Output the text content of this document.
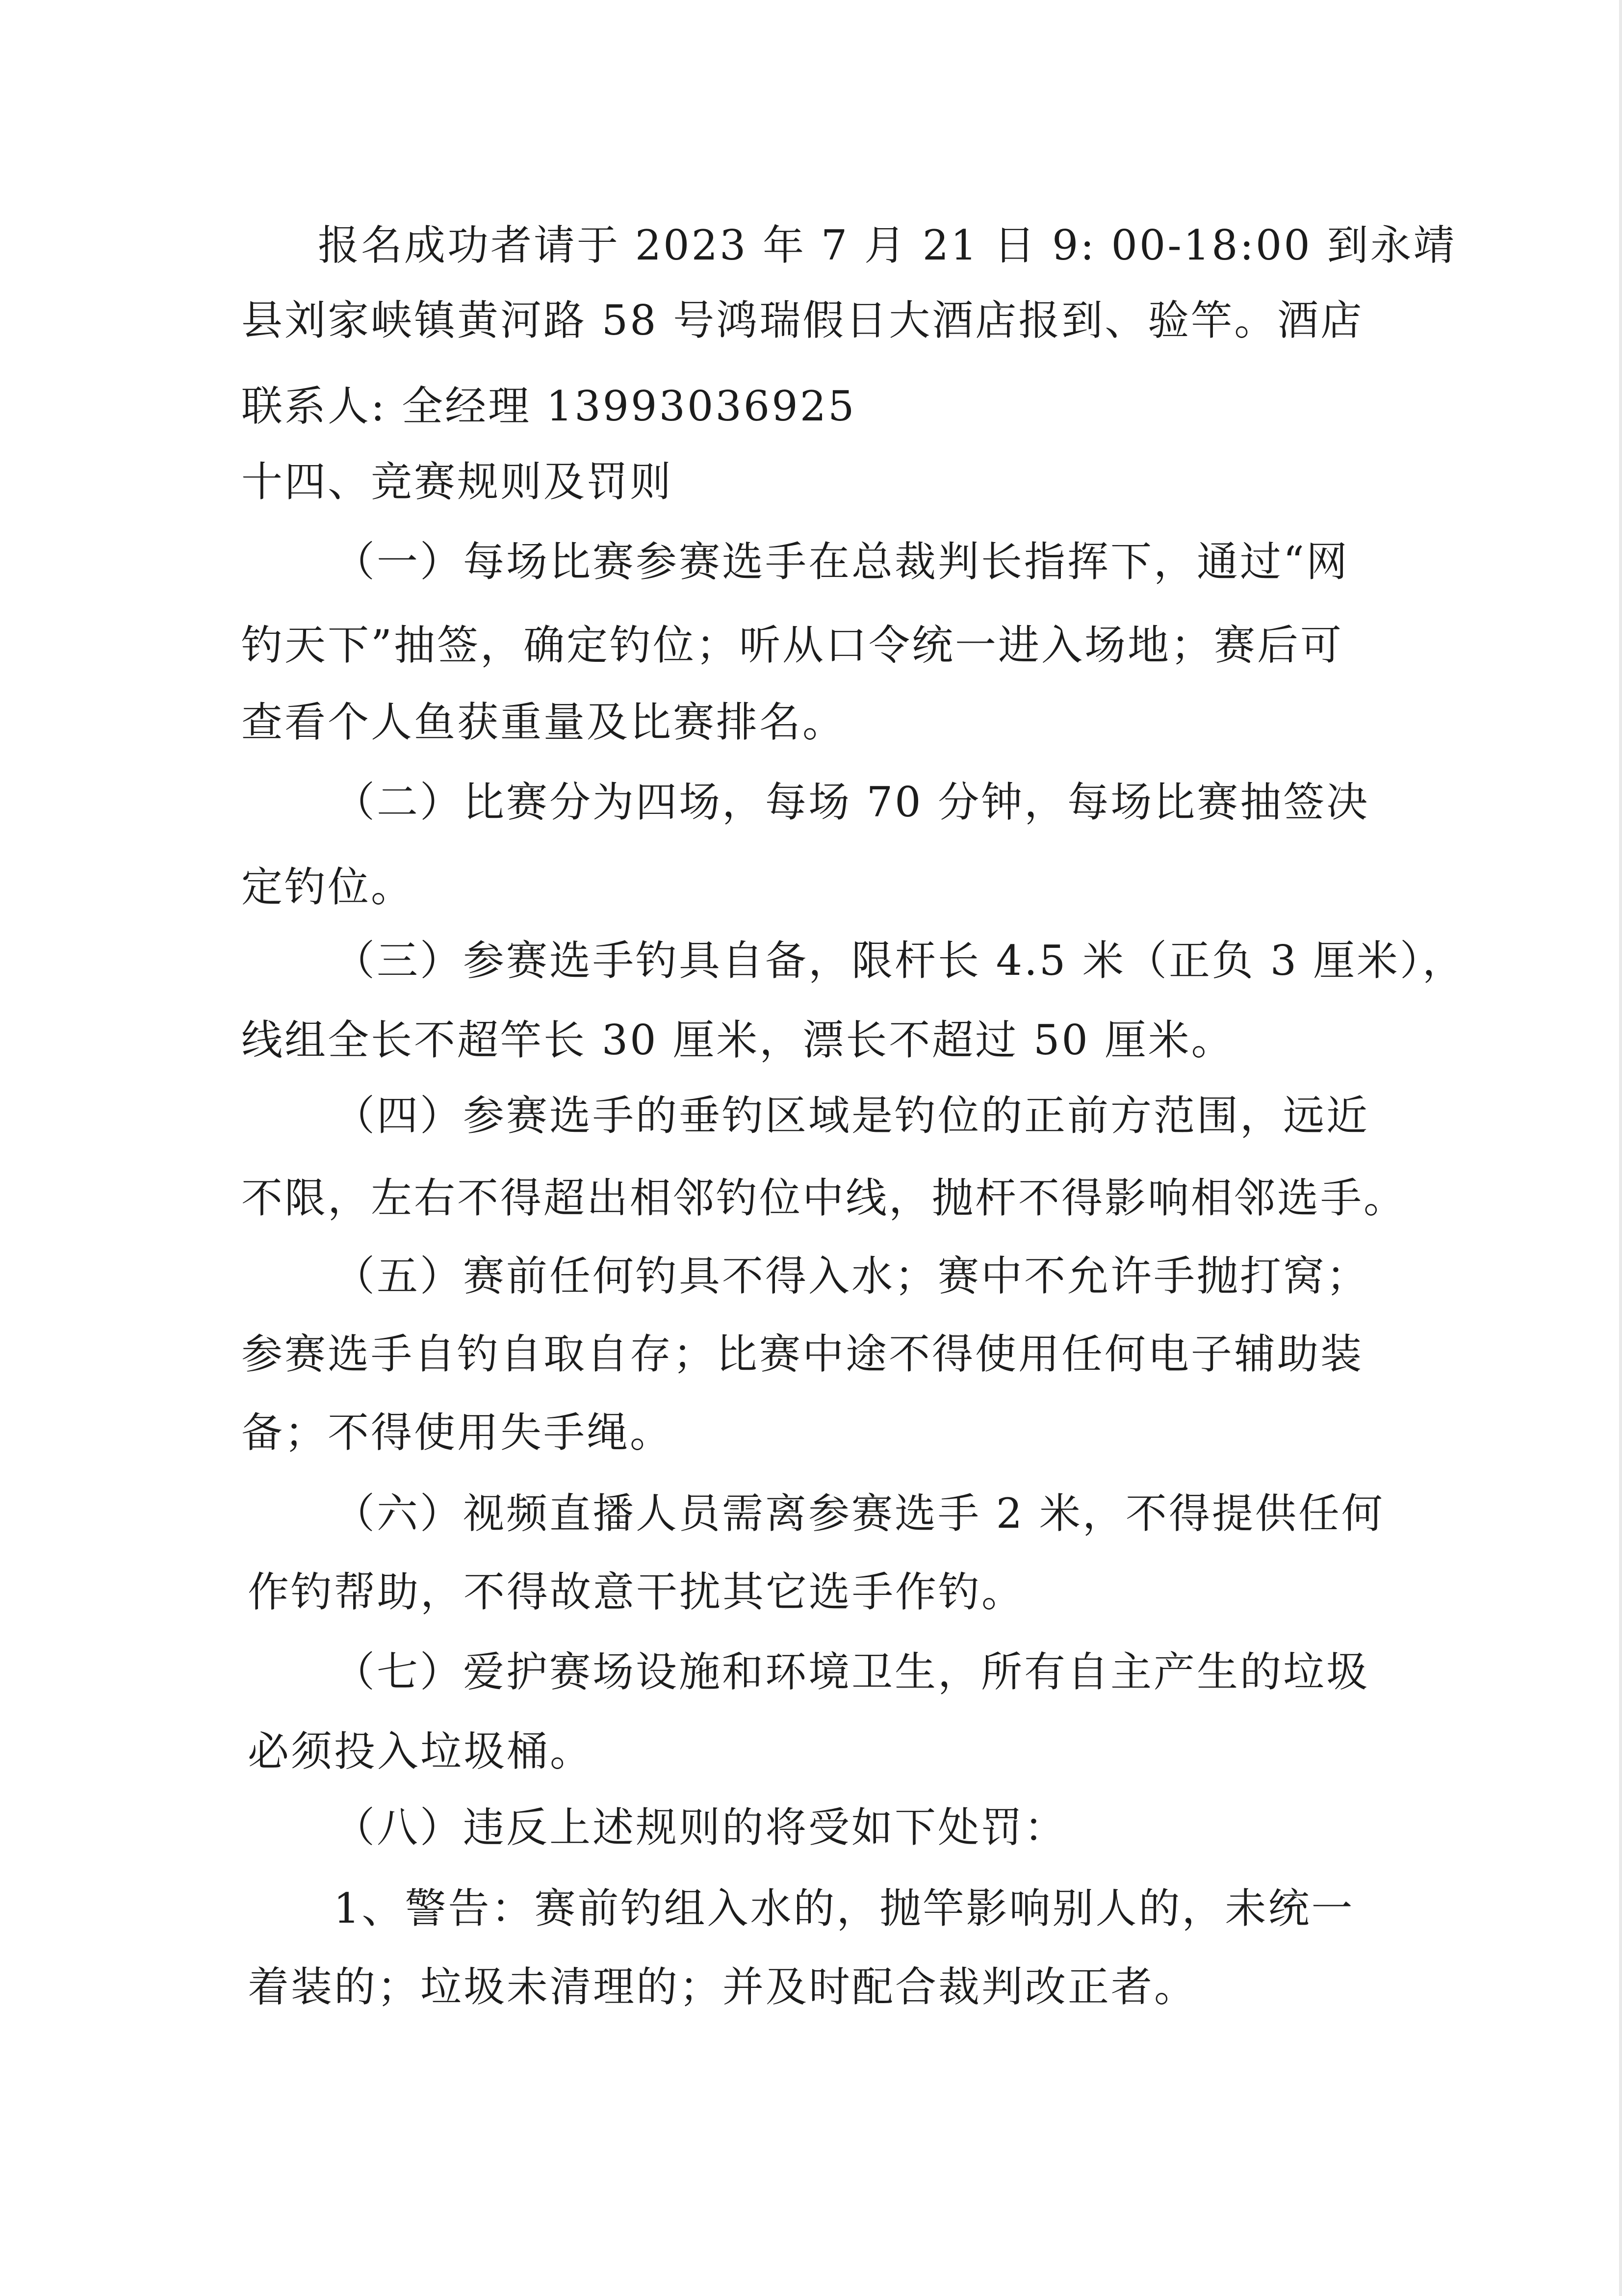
报名成功者请于 2023 年 7 月 21 日 9: 00-18:00 到永靖
县刘家峡镇黄河路 58 号鸿瑞假日大酒店报到、验竿。酒店
联系人: 全经理 13993036925
十四、竞赛规则及罚则
（一）每场比赛参赛选手在总裁判长指挥下，通过“网
钓天下”抽签，确定钓位；听从口令统一进入场地；赛后可
查看个人鱼获重量及比赛排名。
（二）比赛分为四场，每场 70 分钟，每场比赛抽签决
定钓位。
（三）参赛选手钓具自备，限杆长 4.5 米（正负 3 厘米），
线组全长不超竿长 30 厘米，漂长不超过 50 厘米。
（四）参赛选手的垂钓区域是钓位的正前方范围，远近
不限，左右不得超出相邻钓位中线，抛杆不得影响相邻选手。
（五）赛前任何钓具不得入水；赛中不允许手抛打窝；
参赛选手自钓自取自存；比赛中途不得使用任何电子辅助装
备；不得使用失手绳。
（六）视频直播人员需离参赛选手 2 米，不得提供任何
作钓帮助，不得故意干扰其它选手作钓。
（七）爱护赛场设施和环境卫生，所有自主产生的垃圾
必须投入垃圾桶。
（八）违反上述规则的将受如下处罚：
1、警告：赛前钓组入水的，抛竿影响别人的，未统一
着装的；垃圾未清理的；并及时配合裁判改正者。
